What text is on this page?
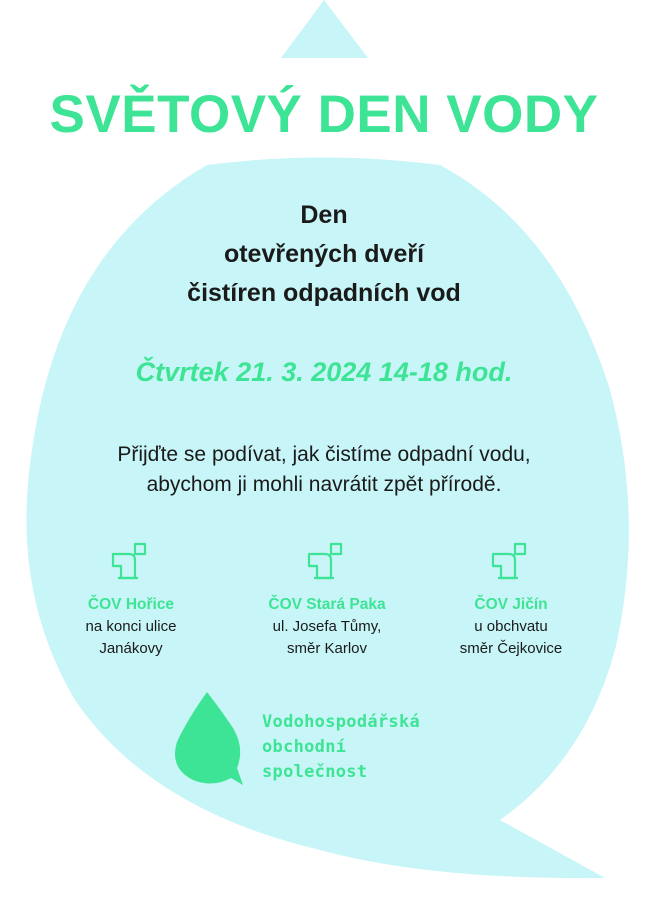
SVĚTOVÝ DEN VODY
Den
otevřených dveří
čistíren odpadních vod
Čtvrtek 21. 3. 2024 14-18 hod.
Přijďte se podívat, jak čistíme odpadní vodu,
abychom ji mohli navrátit zpět přírodě.
ČOV Hořice
na konci ulice
Janákovy
ČOV Stará Paka
ul. Josefa Tůmy,
směr Karlov
ČOV Jičín
u obchvatu
směr Čejkovice
Vodohospodářská
obchodní
společnost
